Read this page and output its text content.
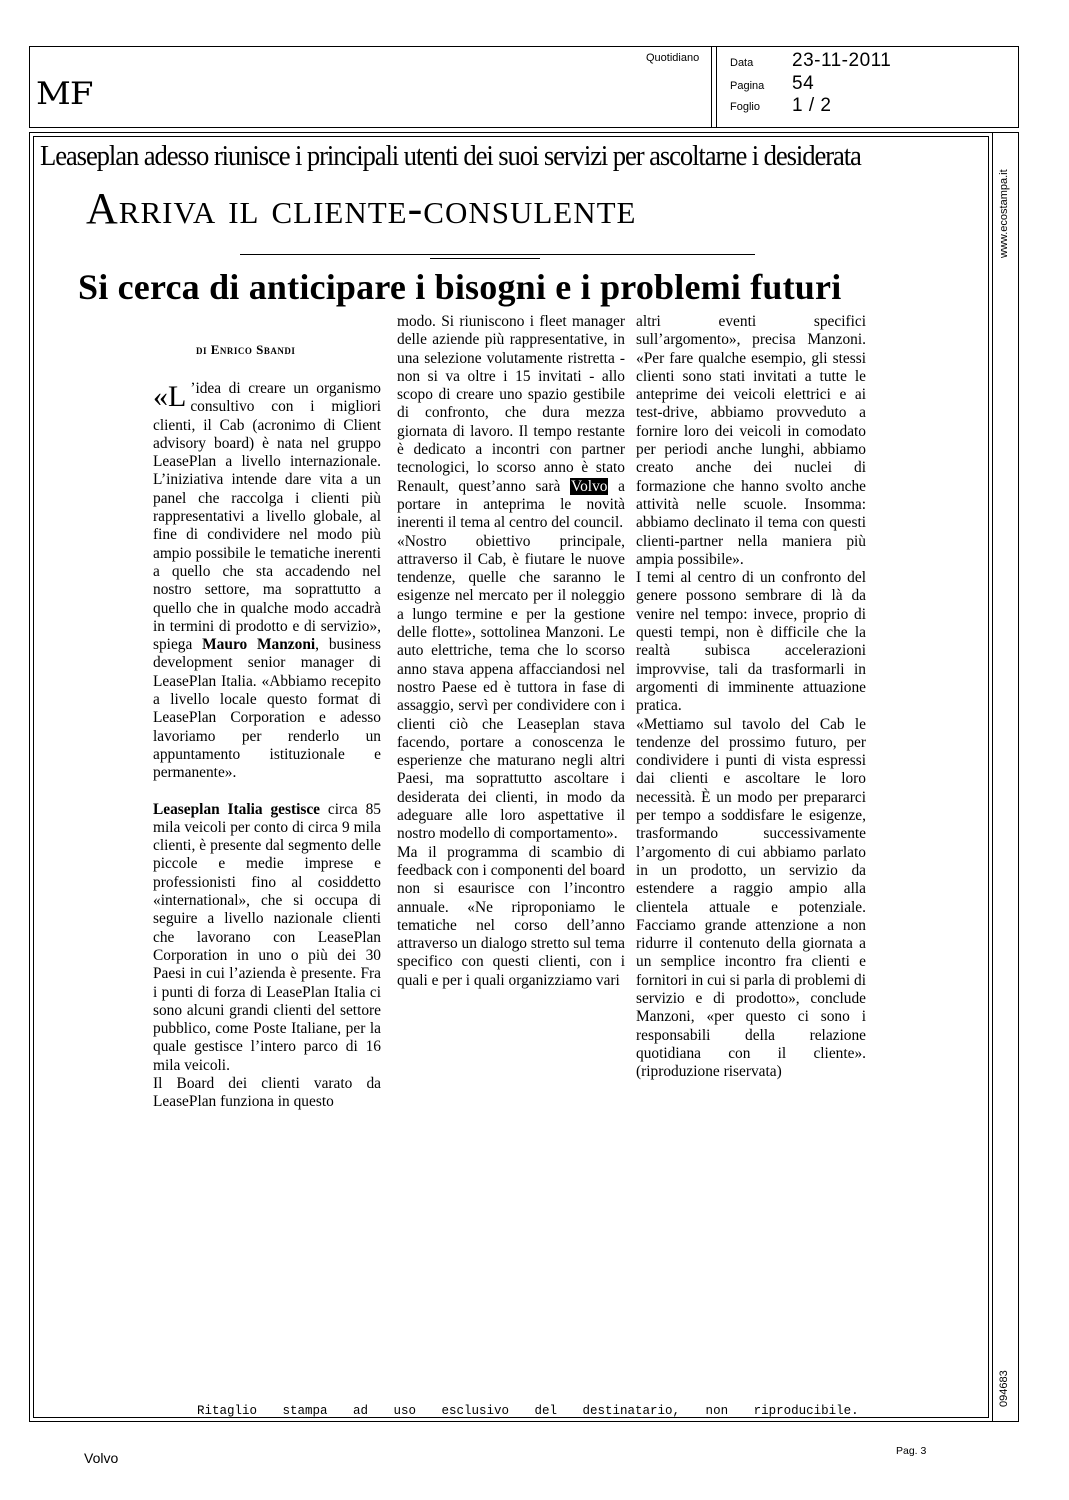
MF
Quotidiano	Data 23-11-2011
Pagina 54
Foglio 1 / 2
www.ecostampa.it
094683
Leaseplan adesso riunisce i principali utenti dei suoi servizi per ascoltarne i desiderata
Arriva il cliente-consulente
Si cerca di anticipare i bisogni e i problemi futuri
di Enrico Sbandi

«L ’idea di creare un organismo consultivo con i migliori clienti, il Cab (acronimo di Client advisory board) è nata nel gruppo LeasePlan a livello internazionale. L’iniziativa intende dare vita a un panel che raccolga i clienti più rappresentativi a livello globale, al fine di condividere nel modo più ampio possibile le tematiche inerenti a quello che sta accadendo nel nostro settore, ma soprattutto a quello che in qualche modo accadrà in termini di prodotto e di servizio», spiega Mauro Manzoni, business development senior manager di LeasePlan Italia. «Abbiamo recepito a livello locale questo format di LeasePlan Corporation e adesso lavoriamo per renderlo un appuntamento istituzionale e permanente».

Leaseplan Italia gestisce circa 85 mila veicoli per conto di circa 9 mila clienti, è presente dal segmento delle piccole e medie imprese e professionisti fino al cosiddetto «international», che si occupa di seguire a livello nazionale clienti che lavorano con LeasePlan Corporation in uno o più dei 30 Paesi in cui l’azienda è presente. Fra i punti di forza di LeasePlan Italia ci sono alcuni grandi clienti del settore pubblico, come Poste Italiane, per la quale gestisce l’intero parco di 16 mila veicoli.

Il Board dei clienti varato da LeasePlan funziona in questo

modo. Si riuniscono i fleet manager delle aziende più rappresentative, in una selezione volutamente ristretta - non si va oltre i 15 invitati - allo scopo di creare uno spazio gestibile di confronto, che dura mezza giornata di lavoro. Il tempo restante è dedicato a incontri con partner tecnologici, lo scorso anno è stato Renault, quest’anno sarà Volvo a portare in anteprima le novità inerenti il tema al centro del council.

«Nostro obiettivo principale, attraverso il Cab, è fiutare le nuove tendenze, quelle che saranno le esigenze nel mercato per il noleggio a lungo termine e per la gestione delle flotte», sottolinea Manzoni. Le auto elettriche, tema che lo scorso anno stava appena affacciandosi nel nostro Paese ed è tuttora in fase di assaggio, servì per condividere con i clienti ciò che Leaseplan stava facendo, portare a conoscenza le esperienze che maturano negli altri Paesi, ma soprattutto ascoltare i desiderata dei clienti, in modo da adeguare alle loro aspettative il nostro modello di comportamento».

Ma il programma di scambio di feedback con i componenti del board non si esaurisce con l’incontro annuale. «Ne riproponiamo le tematiche nel corso dell’anno attraverso un dialogo stretto sul tema specifico con questi clienti, con i quali e per i quali organizziamo vari

altri eventi specifici sull’argomento», precisa Manzoni. «Per fare qualche esempio, gli stessi clienti sono stati invitati a tutte le anteprime dei veicoli elettrici e ai test-drive, abbiamo provveduto a fornire loro dei veicoli in comodato per periodi anche lunghi, abbiamo creato anche dei nuclei di formazione che hanno svolto anche attività nelle scuole. Insomma: abbiamo declinato il tema con questi clienti-partner nella maniera più ampia possibile».

I temi al centro di un confronto del genere possono sembrare di là da venire nel tempo: invece, proprio di questi tempi, non è difficile che la realtà subisca accelerazioni improvvise, tali da trasformarli in argomenti di imminente attuazione pratica.

«Mettiamo sul tavolo del Cab le tendenze del prossimo futuro, per condividere i punti di vista espressi dai clienti e ascoltare le loro necessità. È un modo per prepararci per tempo a soddisfare le esigenze, trasformando successivamente l’argomento di cui abbiamo parlato in un prodotto, un servizio da estendere a raggio ampio alla clientela attuale e potenziale. Facciamo grande attenzione a non ridurre il contenuto della giornata a un semplice incontro fra clienti e fornitori in cui si parla di problemi di servizio e di prodotto», conclude Manzoni, «per questo ci sono i responsabili della relazione quotidiana con il cliente». (riproduzione riservata)

Ritaglio stampa ad uso esclusivo del destinatario, non riproducibile.
Volvo	Pag. 3
